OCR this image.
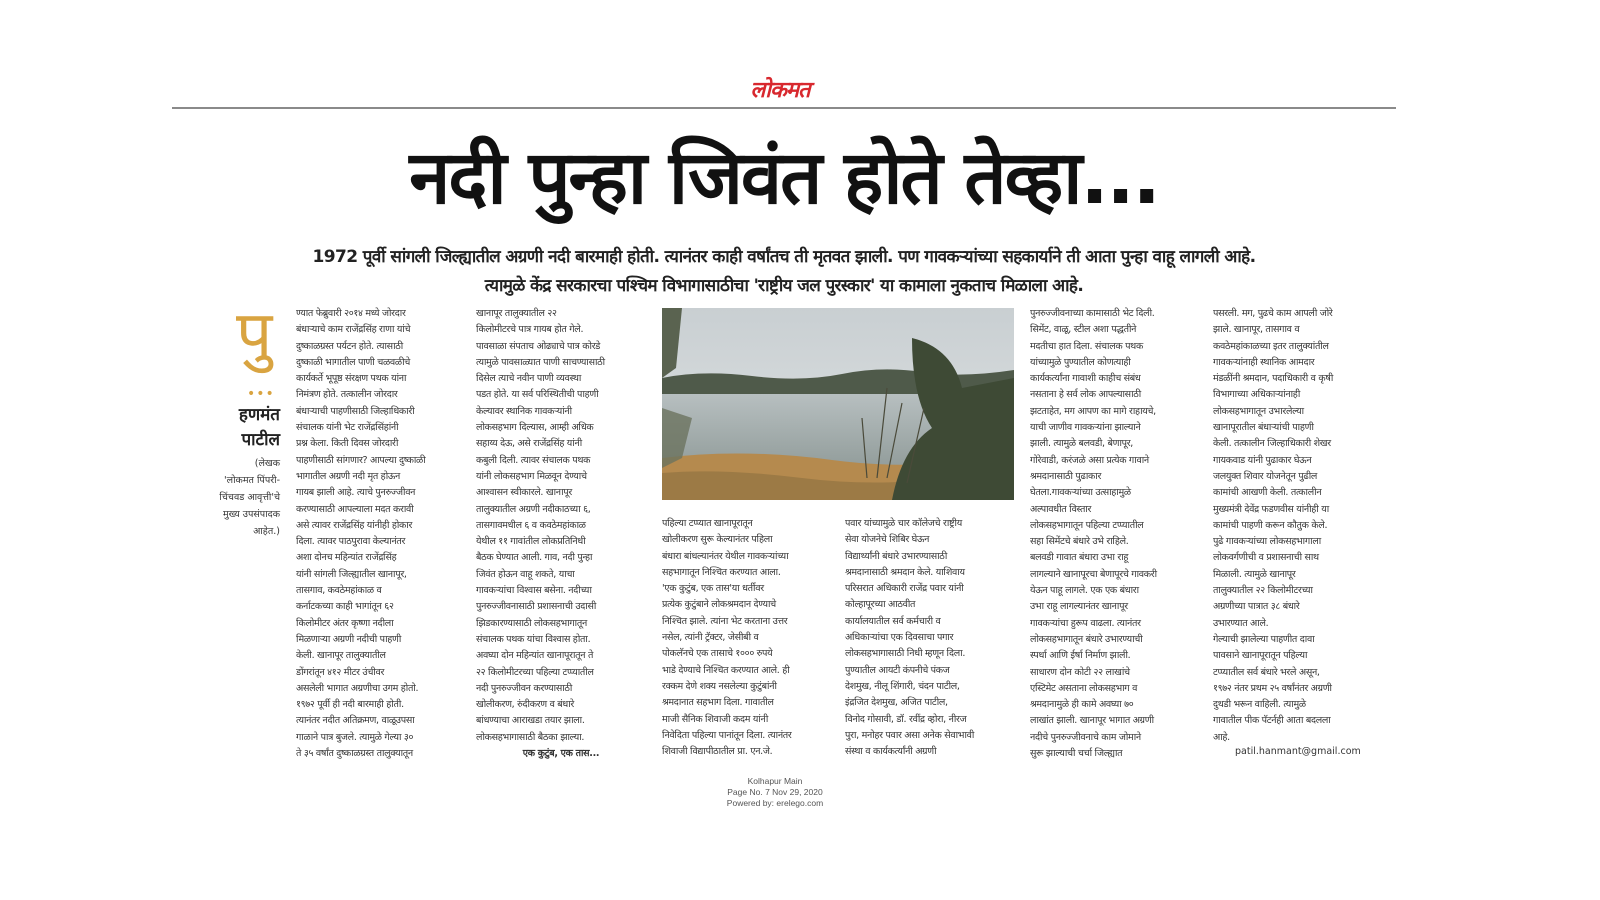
लोकमत
नदी पुन्हा जिवंत होते तेव्हा...
1972 पूर्वी सांगली जिल्ह्यातील अग्रणी नदी बारमाही होती. त्यानंतर काही वर्षांतच ती मृतवत झाली. पण गावकऱ्यांच्या सहकार्याने ती आता पुन्हा वाहू लागली आहे.
त्यामुळे केंद्र सरकारचा पश्चिम विभागासाठीचा 'राष्ट्रीय जल पुरस्कार' या कामाला नुकताच मिळाला आहे.
पु
•••
हणमंत
पाटील
(लेखक
'लोकमत पिंपरी-
चिंचवड आवृत्ती'चे
मुख्य उपसंपादक
आहेत.)
ण्यात फेब्रुवारी २०१४ मध्ये जोरदार
बंधाऱ्याचे काम राजेंद्रसिंह राणा यांचे
दुष्काळग्रस्त पर्यटन होते. त्यासाठी
दुष्काळी भागातील पाणी चळवळीचे
कार्यकर्ते भूपूष्ठ संरक्षण पथक यांना
निमंत्रण होते. तत्कालीन जोरदार
बंधाऱ्याची पाहणीसाठी जिल्हाधिकारी
संचालक यांनी भेट राजेंद्रसिंहांनी
प्रश्न केला. किती दिवस जोरदारी
पाहणीसाठी सांगणार? आपल्या दुष्काळी
भागातील अग्रणी नदी मृत होऊन
गायब झाली आहे. त्याचे पुनरुज्जीवन
करण्यासाठी आपल्याला मदत करावी
असे त्यावर राजेंद्रसिंह यांनीही होकार
दिला. त्यावर पाठपुरावा केल्यानंतर
अशा दोनच महिन्यांत राजेंद्रसिंह
यांनी सांगली जिल्ह्यातील खानापूर,
तासगाव, कवठेमहांकाळ व
कर्नाटकच्या काही भागांतून ६२
किलोमीटर अंतर कृष्णा नदीला
मिळणाऱ्या अग्रणी नदीची पाहणी
केली. खानापूर तालुक्यातील
डोंगरांतून ४१२ मीटर उंचीवर
असलेली भागात अग्रणीचा उगम होतो.
१९७२ पूर्वी ही नदी बारमाही होती.
त्यानंतर नदीत अतिक्रमण, वाळूउपसा
गाळाने पात्र बुजले. त्यामुळे गेल्या ३०
ते ३५ वर्षांत दुष्काळग्रस्त तालुक्यातून
खानापूर तालुक्यातील २२
किलोमीटरचे पात्र गायब होत गेले.
पावसाळा संपताच ओढ्याचे पात्र कोरडे
त्यामुळे पावसाळ्यात पाणी साचण्यासाठी
दिसेल त्याचे नवीन पाणी व्यवस्था
पडत होते. या सर्व परिस्थितीची पाहणी
केल्यावर स्थानिक गावकऱ्यांनी
लोकसहभाग दिल्यास, आम्ही अधिक
सहाय्य देऊ, असे राजेंद्रसिंह यांनी
कबुली दिली. त्यावर संचालक पथक
यांनी लोकसहभाग मिळवून देण्याचे
आश्वासन स्वीकारले. खानापूर
तालुक्यातील अग्रणी नदीकाठच्या ६,
तासगावमधील ६ व कवठेमहांकाळ
येथील ११ गावांतील लोकप्रतिनिधी
बैठक घेण्यात आली. गाव, नदी पुन्हा
जिवंत होऊन वाहू शकते, याचा
गावकऱ्यांचा विश्वास बसेना. नदीच्या
पुनरुज्जीवनासाठी प्रशासनाची उदासी
झिडकारण्यासाठी लोकसहभागातून
संचालक पथक यांचा विश्वास होता.
अवघ्या दोन महिन्यांत खानापूरातून ते
२२ किलोमीटरच्या पहिल्या टप्प्यातील
नदी पुनरुज्जीवन करण्यासाठी
खोलीकरण, रुंदीकरण व बंधारे
बांधण्याचा आराखडा तयार झाला.
लोकसहभागासाठी बैठका झाल्या.
एक कुटुंब, एक तास...
पहिल्या टप्प्यात खानापूरातून
खोलीकरण सुरू केल्यानंतर पहिला
बंधारा बांधल्यानंतर येथील गावकऱ्यांच्या
सहभागातून निश्चित करण्यात आला.
'एक कुटुंब, एक तास'या धर्तीवर
प्रत्येक कुटुंबाने लोकश्रमदान देण्याचे
निश्चित झाले. त्यांना भेट करताना उत्तर
नसेल, त्यांनी ट्रॅक्टर, जेसीबी व
पोकलॅनचे एक तासाचे १००० रुपये
भाडे देण्याचे निश्चित करण्यात आले. ही
रक्कम देणे शक्य नसलेल्या कुटुंबांनी
श्रमदानात सहभाग दिला. गावातील
माजी सैनिक शिवाजी कदम यांनी
निवेदिता पहिल्या पानांतून दिला. त्यानंतर
शिवाजी विद्यापीठातील प्रा. एन.जे.
पवार यांच्यामुळे चार कॉलेजचे राष्ट्रीय
सेवा योजनेचे शिबिर घेऊन
विद्यार्थ्यांनी बंधारे उभारण्यासाठी
श्रमदानासाठी श्रमदान केले. याशिवाय
परिसरात अधिकारी राजेंद्र पवार यांनी
कोल्हापूरच्या आठवीत
कार्यालयातील सर्व कर्मचारी व
अधिकाऱ्यांचा एक दिवसाचा पगार
लोकसहभागासाठी निधी म्हणून दिला.
पुण्यातील आयटी कंपनीचे पंकज
देशमुख, नीलू शिंगारी, चंदन पाटील,
इंद्रजित देशमुख, अजित पाटील,
विनोद गोसावी, डॉ. रवींद्र व्होरा, नीरज
पुरा, मनोहर पवार असा अनेक सेवाभावी
संस्था व कार्यकर्त्यांनी अग्रणी
पुनरुज्जीवनाच्या कामासाठी भेट दिली.
सिमेंट, वाळू, स्टील अशा पद्धतीने
मदतीचा हात दिला. संचालक पथक
यांच्यामुळे पुण्यातील कोणत्याही
कार्यकर्त्यांना गावाशी काहीच संबंध
नसताना हे सर्व लोक आपल्यासाठी
झटताहेत, मग आपण का मागे राहायचे,
याची जाणीव गावकऱ्यांना झाल्याने
झाली. त्यामुळे बलवडी, बेणापूर,
गोरेवाडी, करंजळे असा प्रत्येक गावाने
श्रमदानासाठी पुढाकार
घेतला.गावकऱ्यांच्या उत्साहामुळे
अल्पावधीत विस्तार
लोकसहभागातून पहिल्या टप्प्यातील
सहा सिमेंटचे बंधारे उभे राहिले.
बलवडी गावात बंधारा उभा राहू
लागल्याने खानापूरचा बेणापूरचे गावकरी
येऊन पाहू लागले. एक एक बंधारा
उभा राहू लागल्यानंतर खानापूर
गावकऱ्यांचा हुरूप वाढला. त्यानंतर
लोकसहभागातून बंधारे उभारण्याची
स्पर्धा आणि ईर्षा निर्माण झाली.
साधारण दोन कोटी २२ लाखांचे
एस्टिमेट असताना लोकसहभाग व
श्रमदानामुळे ही कामे अवघ्या ७०
लाखांत झाली. खानापूर भागात अग्रणी
नदीचे पुनरुज्जीवनाचे काम जोमाने
सुरू झाल्याची चर्चा जिल्ह्यात
पसरली. मग, पुढचे काम आपली जोरे
झाले. खानापूर, तासगाव व
कवठेमहांकाळच्या इतर तालुक्यांतील
गावकऱ्यांनाही स्थानिक आमदार
मंडळींनी श्रमदान, पदाधिकारी व कृषी
विभागाच्या अधिकाऱ्यांनाही
लोकसहभागातून उभारलेल्या
खानापूरातील बंधाऱ्यांची पाहणी
केली. तत्कालीन जिल्हाधिकारी शेखर
गायकवाड यांनी पुढाकार घेऊन
जलयुक्त शिवार योजनेतून पुढील
कामांची आखणी केली. तत्कालीन
मुख्यमंत्री देवेंद्र फडणवीस यांनीही या
कामांची पाहणी करून कौतुक केले.
पुढे गावकऱ्यांच्या लोकसहभागाला
लोकवर्गणीची व प्रशासनाची साथ
मिळाली. त्यामुळे खानापूर
तालुक्यातील २२ किलोमीटरच्या
अग्रणीच्या पात्रात ३८ बंधारे
उभारण्यात आले.
गेल्याची झालेल्या पाहणीत दावा
पावसाने खानापूरातून पहिल्या
टप्प्यातील सर्व बंधारे भरले असून,
१९७२ नंतर प्रथम २५ वर्षांनंतर अग्रणी
दुथडी भरून वाहिली. त्यामुळे
गावातील पीक पॅटर्नही आता बदलला
आहे.
patil.hanmant@gmail.com
Kolhapur Main
Page No. 7 Nov 29, 2020
Powered by: erelego.com
